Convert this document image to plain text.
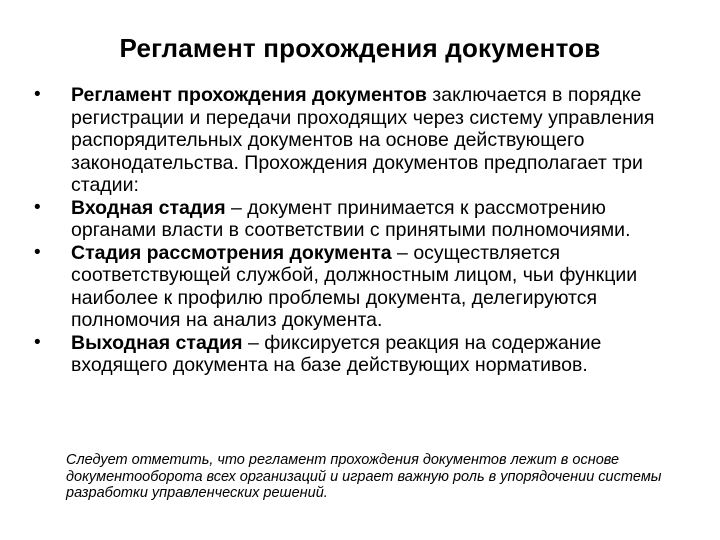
Регламент прохождения документов
•	Регламент прохождения документов заключается в порядке регистрации и передачи проходящих через систему управления распорядительных документов на основе действующего законодательства. Прохождения документов предполагает три стадии:
•	Входная стадия – документ принимается к рассмотрению органами власти в соответствии с принятыми полномочиями.
•	Стадия рассмотрения документа – осуществляется соответствующей службой, должностным лицом, чьи функции наиболее к профилю проблемы документа, делегируются полномочия на анализ документа.
•	Выходная стадия – фиксируется реакция на содержание входящего документа на базе действующих нормативов.
Следует отметить, что регламент прохождения документов лежит в основе документооборота всех организаций и играет важную роль в упорядочении системы разработки управленческих решений.
